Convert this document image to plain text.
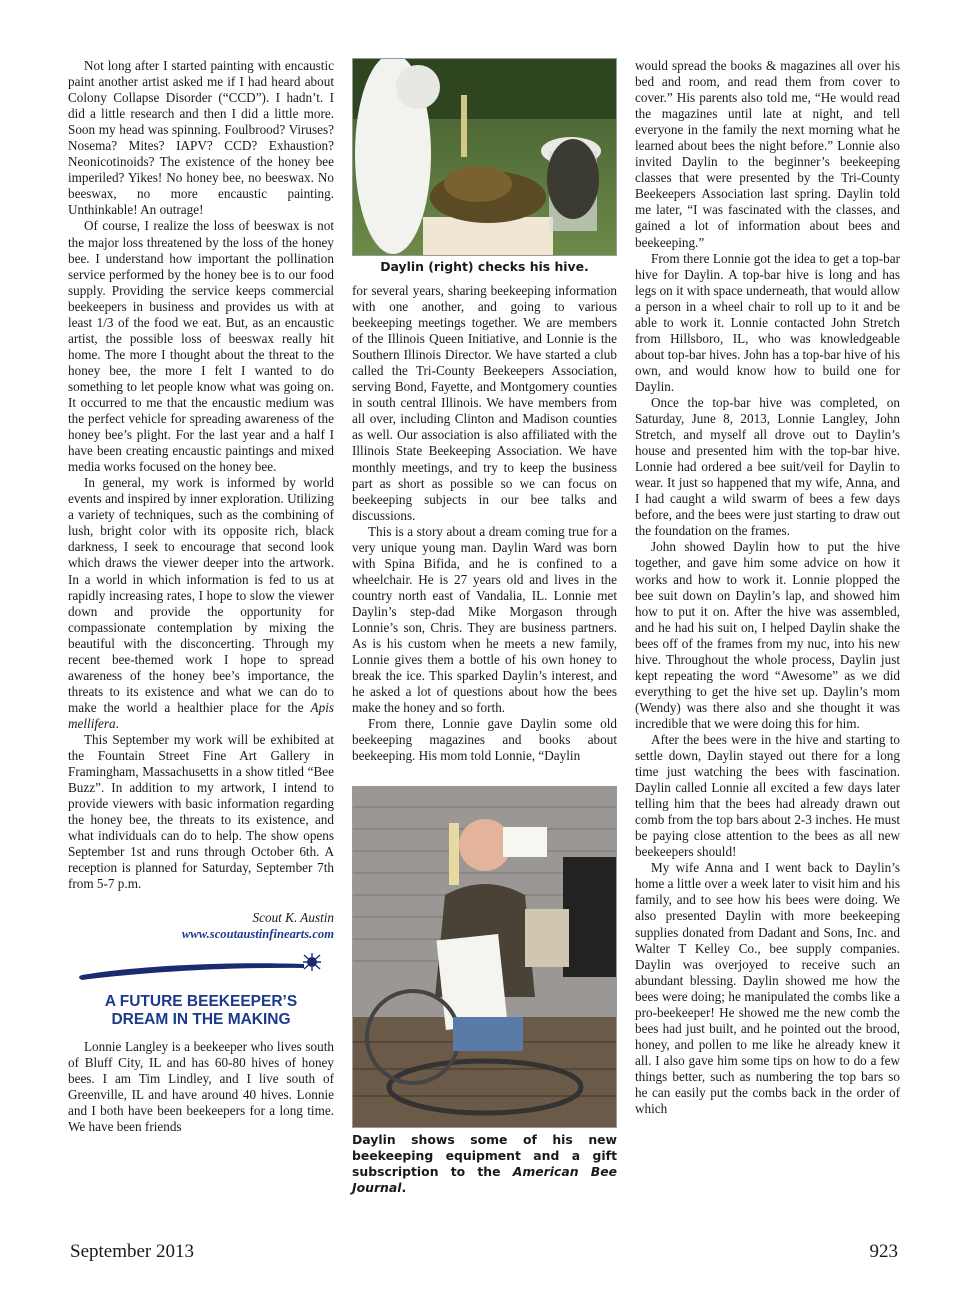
Not long after I started painting with encaustic paint another artist asked me if I had heard about Colony Collapse Disorder (“CCD”). I hadn’t. I did a little research and then I did a little more. Soon my head was spinning. Foulbrood? Viruses? Nosema? Mites? IAPV? CCD? Exhaustion? Neonicotinoids? The existence of the honey bee imperiled? Yikes! No honey bee, no beeswax. No beeswax, no more encaustic painting. Unthinkable! An outrage!

Of course, I realize the loss of beeswax is not the major loss threatened by the loss of the honey bee. I understand how important the pollination service performed by the honey bee is to our food supply. Providing the service keeps commercial beekeepers in business and provides us with at least 1/3 of the food we eat. But, as an encaustic artist, the possible loss of beeswax really hit home. The more I thought about the threat to the honey bee, the more I felt I wanted to do something to let people know what was going on. It occurred to me that the encaustic medium was the perfect vehicle for spreading awareness of the honey bee’s plight. For the last year and a half I have been creating encaustic paintings and mixed media works focused on the honey bee.

In general, my work is informed by world events and inspired by inner exploration. Utilizing a variety of techniques, such as the combining of lush, bright color with its opposite rich, black darkness, I seek to encourage that second look which draws the viewer deeper into the artwork. In a world in which information is fed to us at rapidly increasing rates, I hope to slow the viewer down and provide the opportunity for compassionate contemplation by mixing the beautiful with the disconcerting. Through my recent bee-themed work I hope to spread awareness of the honey bee’s importance, the threats to its existence and what we can do to make the world a healthier place for the Apis mellifera.

This September my work will be exhibited at the Fountain Street Fine Art Gallery in Framingham, Massachusetts in a show titled “Bee Buzz”. In addition to my artwork, I intend to provide viewers with basic information regarding the honey bee, the threats to its existence, and what individuals can do to help. The show opens September 1st and runs through October 6th. A reception is planned for Saturday, September 7th from 5-7 p.m.

Scout K. Austin
www.scoutaustinfinearts.com
A FUTURE BEEKEEPER’S
DREAM IN THE MAKING

Lonnie Langley is a beekeeper who lives south of Bluff City, IL and has 60-80 hives of honey bees. I am Tim Lindley, and I live south of Greenville, IL and have around 40 hives. Lonnie and I both have been beekeepers for a long time. We have been friends

Daylin (right) checks his hive.

for several years, sharing beekeeping information with one another, and going to various beekeeping meetings together. We are members of the Illinois Queen Initiative, and Lonnie is the Southern Illinois Director. We have started a club called the Tri-County Beekeepers Association, serving Bond, Fayette, and Montgomery counties in south central Illinois. We have members from all over, including Clinton and Madison counties as well. Our association is also affiliated with the Illinois State Beekeeping Association. We have monthly meetings, and try to keep the business part as short as possible so we can focus on beekeeping subjects in our bee talks and discussions.

This is a story about a dream coming true for a very unique young man. Daylin Ward was born with Spina Bifida, and he is confined to a wheelchair. He is 27 years old and lives in the country north east of Vandalia, IL. Lonnie met Daylin’s step-dad Mike Morgason through Lonnie’s son, Chris. They are business partners. As is his custom when he meets a new family, Lonnie gives them a bottle of his own honey to break the ice. This sparked Daylin’s interest, and he asked a lot of questions about how the bees make the honey and so forth.

From there, Lonnie gave Daylin some old beekeeping magazines and books about beekeeping. His mom told Lonnie, “Daylin

Daylin shows some of his new beekeeping equipment and a gift subscription to the American Bee Journal.

would spread the books & magazines all over his bed and room, and read them from cover to cover.” His parents also told me, “He would read the magazines until late at night, and tell everyone in the family the next morning what he learned about bees the night before.” Lonnie also invited Daylin to the beginner’s beekeeping classes that were presented by the Tri-County Beekeepers Association last spring. Daylin told me later, “I was fascinated with the classes, and gained a lot of information about bees and beekeeping.”

From there Lonnie got the idea to get a top-bar hive for Daylin. A top-bar hive is long and has legs on it with space underneath, that would allow a person in a wheel chair to roll up to it and be able to work it. Lonnie contacted John Stretch from Hillsboro, IL, who was knowledgeable about top-bar hives. John has a top-bar hive of his own, and would know how to build one for Daylin.

Once the top-bar hive was completed, on Saturday, June 8, 2013, Lonnie Langley, John Stretch, and myself all drove out to Daylin’s house and presented him with the top-bar hive. Lonnie had ordered a bee suit/veil for Daylin to wear. It just so happened that my wife, Anna, and I had caught a wild swarm of bees a few days before, and the bees were just starting to draw out the foundation on the frames.

John showed Daylin how to put the hive together, and gave him some advice on how it works and how to work it. Lonnie plopped the bee suit down on Daylin’s lap, and showed him how to put it on. After the hive was assembled, and he had his suit on, I helped Daylin shake the bees off of the frames from my nuc, into his new hive. Throughout the whole process, Daylin just kept repeating the word “Awesome” as we did everything to get the hive set up. Daylin’s mom (Wendy) was there also and she thought it was incredible that we were doing this for him.

After the bees were in the hive and starting to settle down, Daylin stayed out there for a long time just watching the bees with fascination. Daylin called Lonnie all excited a few days later telling him that the bees had already drawn out comb from the top bars about 2-3 inches. He must be paying close attention to the bees as all new beekeepers should!

My wife Anna and I went back to Daylin’s home a little over a week later to visit him and his family, and to see how his bees were doing. We also presented Daylin with more beekeeping supplies donated from Dadant and Sons, Inc. and Walter T Kelley Co., bee supply companies. Daylin was overjoyed to receive such an abundant blessing. Daylin showed me how the bees were doing; he manipulated the combs like a pro-beekeeper! He showed me the new comb the bees had just built, and he pointed out the brood, honey, and pollen to me like he already knew it all. I also gave him some tips on how to do a few things better, such as numbering the top bars so he can easily put the combs back in the order of which

September 2013	923
